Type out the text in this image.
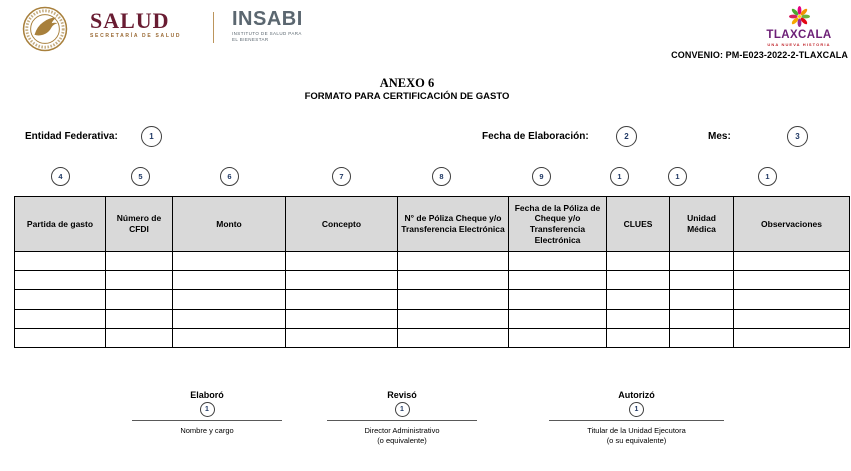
SALUD
SECRETARÍA DE SALUD
INSABI
INSTITUTO DE SALUD PARA
EL BIENESTAR	TLAXCALA
UNA NUEVA HISTORIA
CONVENIO: PM-E023-2022-2-TLAXCALA
ANEXO 6
FORMATO PARA CERTIFICACIÓN DE GASTO
Entidad Federativa:	1	Fecha de Elaboración:	2	Mes:	3
4	5	6	7	8	9	1	1	1
Partida de gasto	Número de CFDI	Monto	Concepto	N° de Póliza Cheque y/o Transferencia Electrónica	Fecha de la Póliza de Cheque y/o Transferencia Electrónica	CLUES	Unidad Médica	Observaciones

Elaboró
1
Nombre y cargo
Revisó
1
Director Administrativo
(o equivalente)
Autorizó
1
Titular de la Unidad Ejecutora
(o su equivalente)
